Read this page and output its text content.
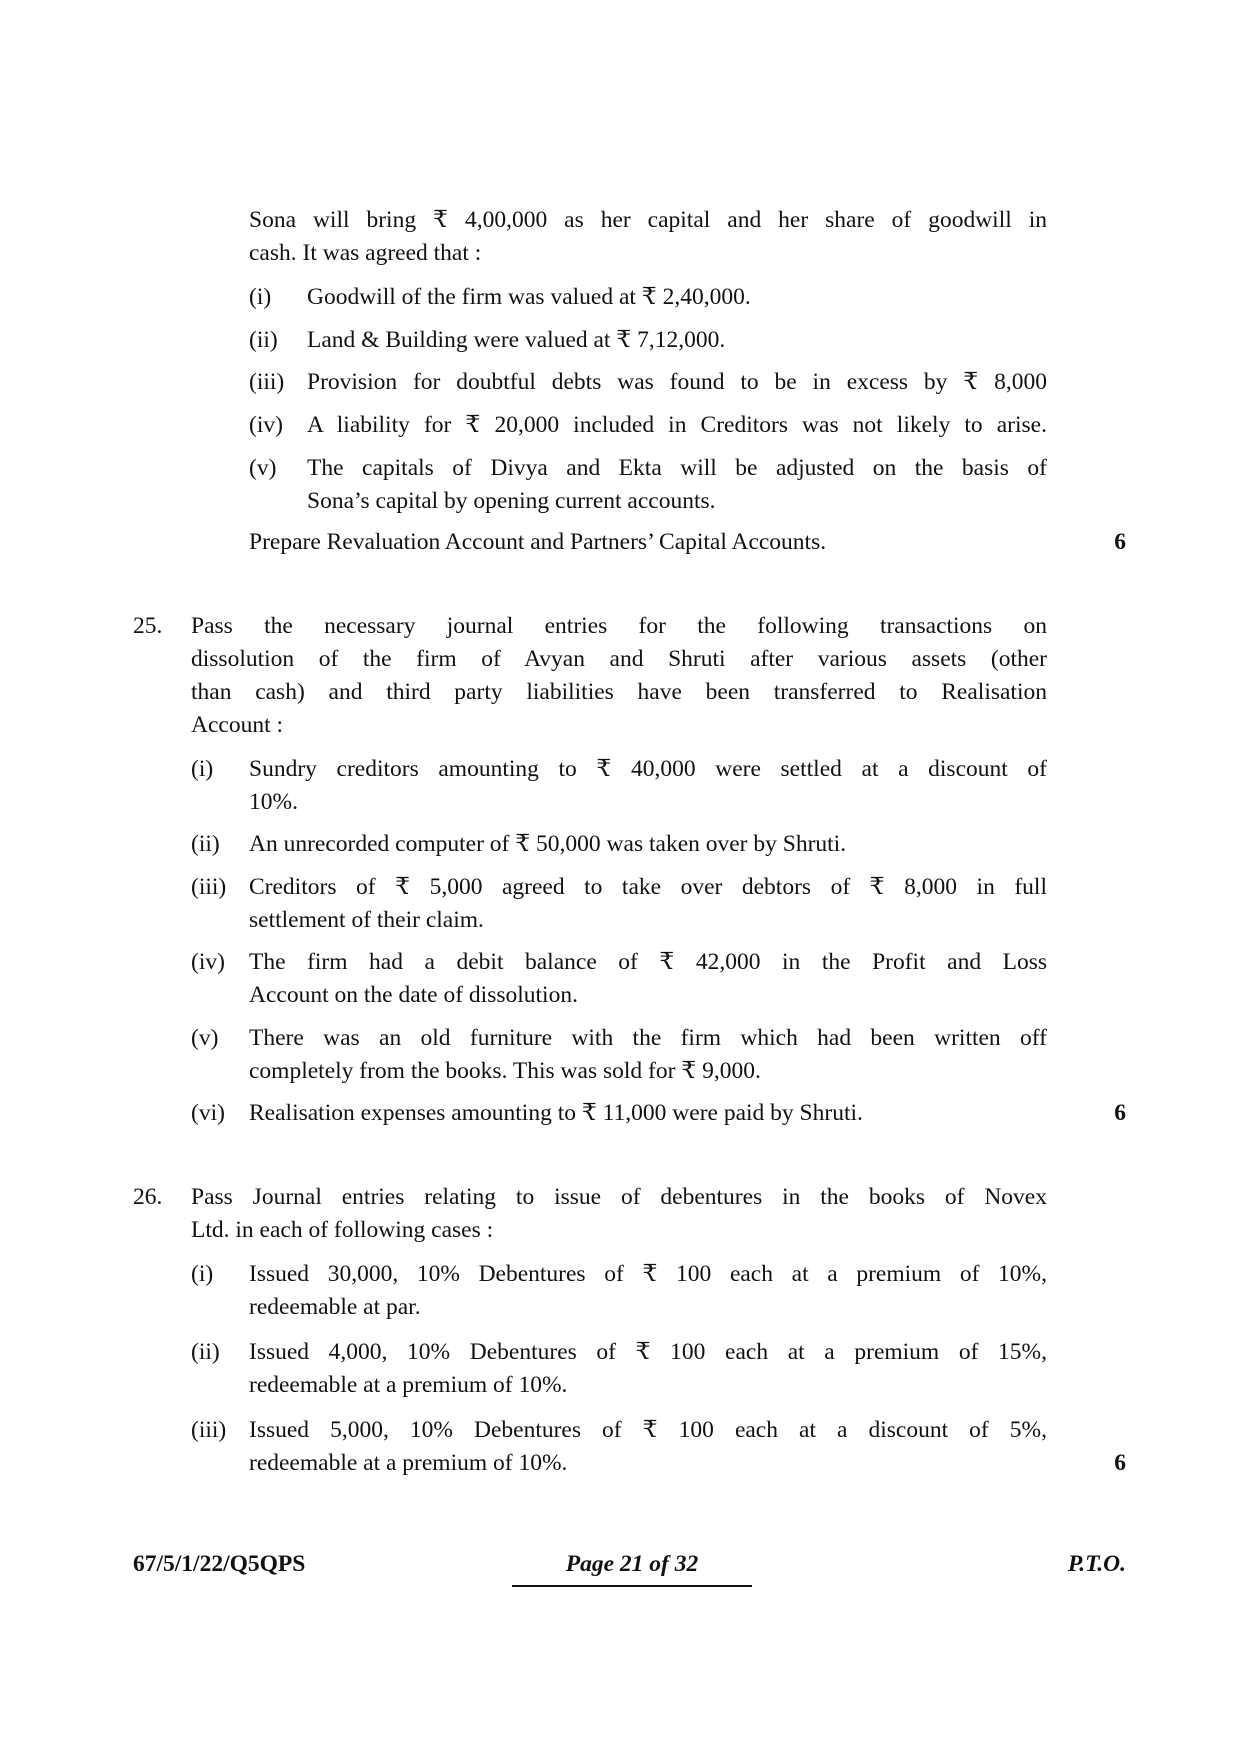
Sona will bring ₹ 4,00,000 as her capital and her share of goodwill in
cash. It was agreed that :
(i) Goodwill of the firm was valued at ₹ 2,40,000.
(ii) Land & Building were valued at ₹ 7,12,000.
(iii) Provision for doubtful debts was found to be in excess by ₹ 8,000
(iv) A liability for ₹ 20,000 included in Creditors was not likely to arise.
(v) The capitals of Divya and Ekta will be adjusted on the basis of
Sona’s capital by opening current accounts.
Prepare Revaluation Account and Partners’ Capital Accounts.	6
25. Pass the necessary journal entries for the following transactions on
dissolution of the firm of Avyan and Shruti after various assets (other
than cash) and third party liabilities have been transferred to Realisation
Account :
(i) Sundry creditors amounting to ₹ 40,000 were settled at a discount of
10%.
(ii) An unrecorded computer of ₹ 50,000 was taken over by Shruti.
(iii) Creditors of ₹ 5,000 agreed to take over debtors of ₹ 8,000 in full
settlement of their claim.
(iv) The firm had a debit balance of ₹ 42,000 in the Profit and Loss
Account on the date of dissolution.
(v) There was an old furniture with the firm which had been written off
completely from the books. This was sold for ₹ 9,000.
(vi) Realisation expenses amounting to ₹ 11,000 were paid by Shruti.	6
26. Pass Journal entries relating to issue of debentures in the books of Novex
Ltd. in each of following cases :
(i) Issued 30,000, 10% Debentures of ₹ 100 each at a premium of 10%,
redeemable at par.
(ii) Issued 4,000, 10% Debentures of ₹ 100 each at a premium of 15%,
redeemable at a premium of 10%.
(iii) Issued 5,000, 10% Debentures of ₹ 100 each at a discount of 5%,
redeemable at a premium of 10%.	6
67/5/1/22/Q5QPS	Page 21 of 32	P.T.O.
